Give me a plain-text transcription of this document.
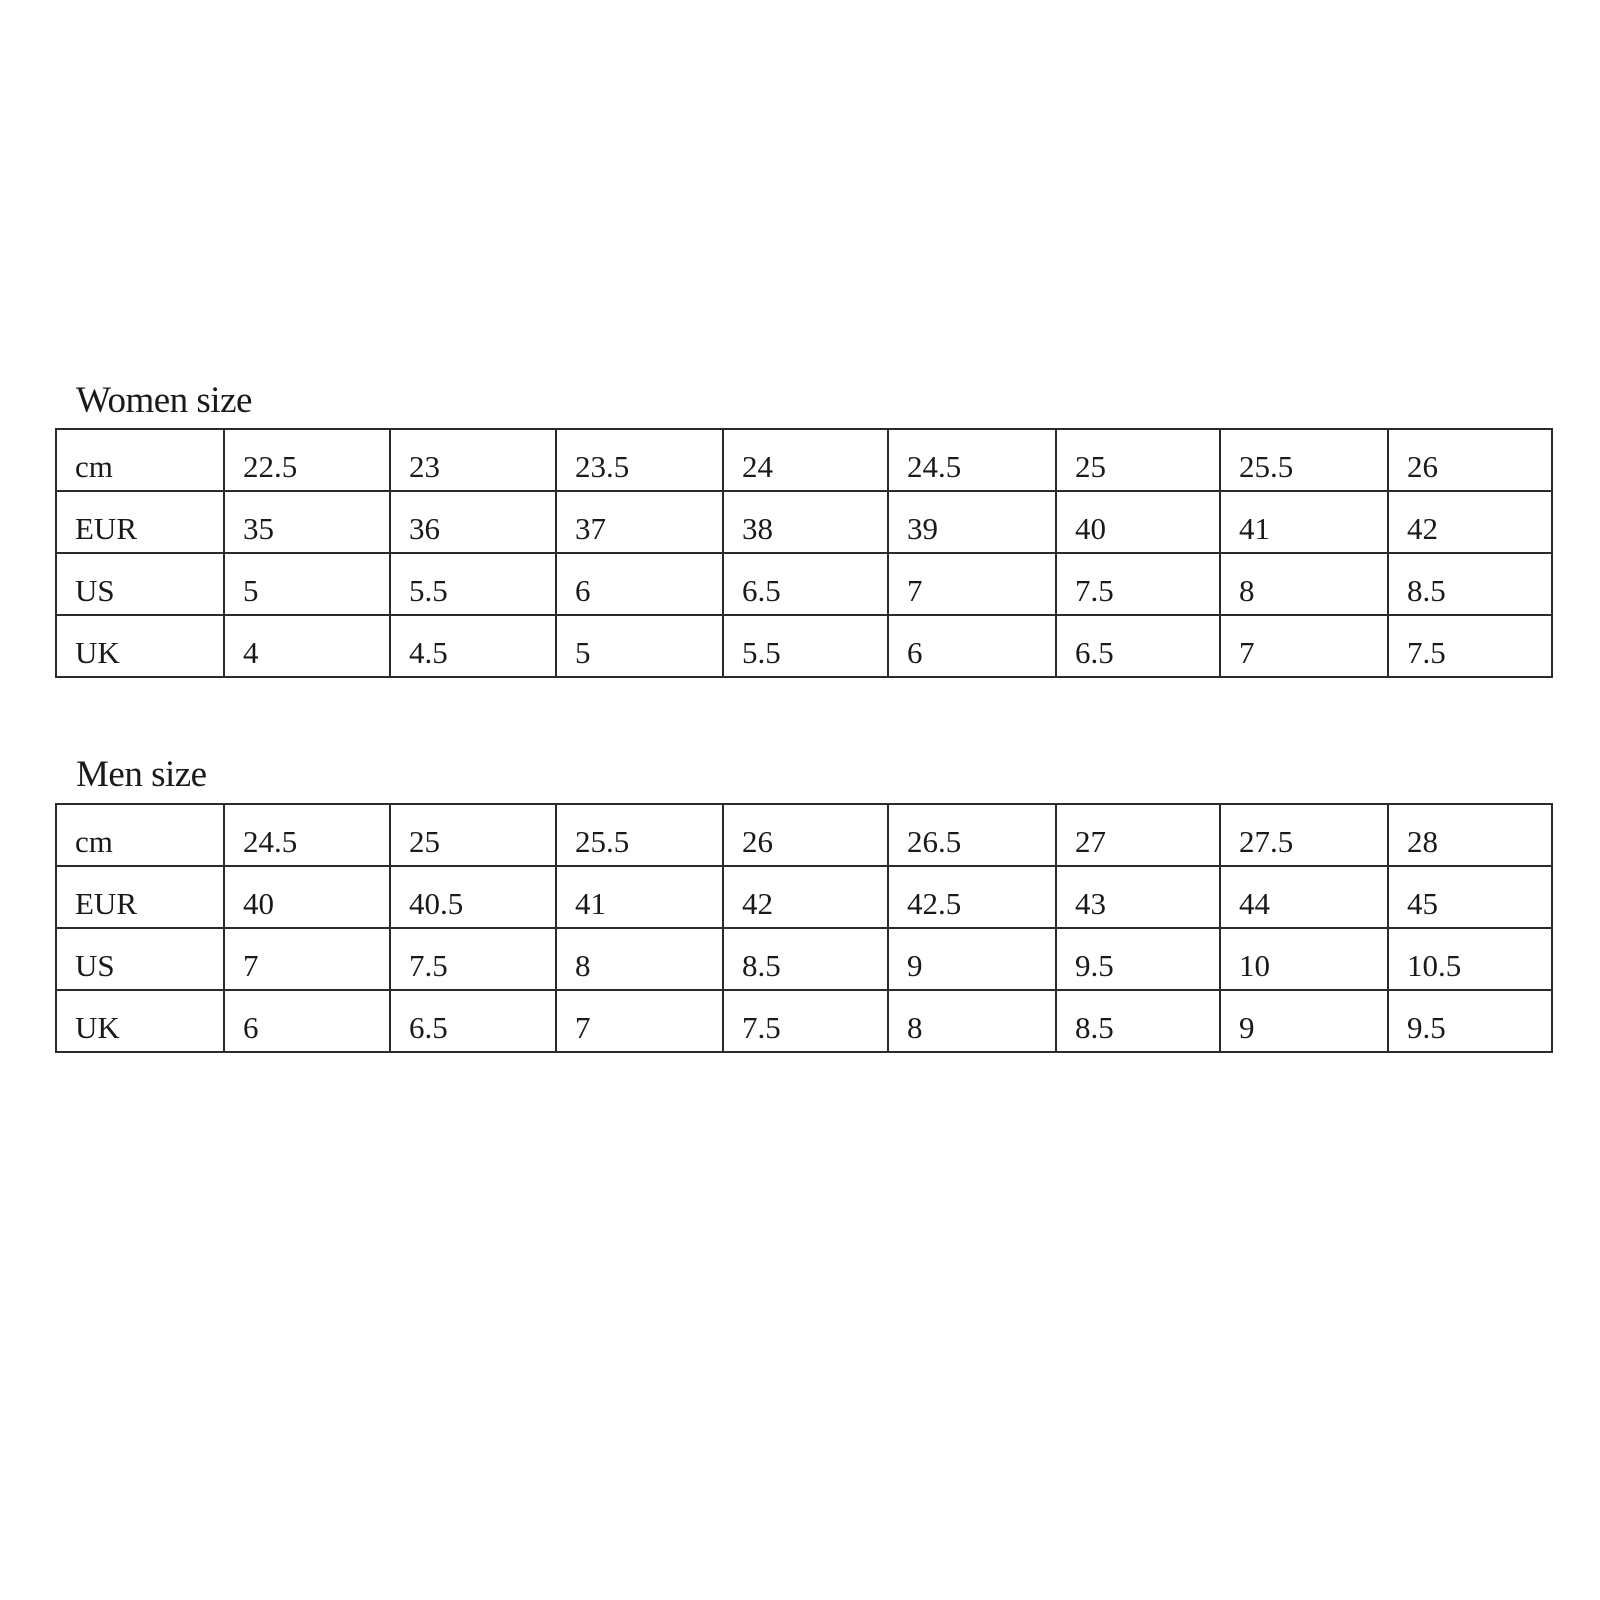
Women size
cm	22.5	23	23.5	24	24.5	25	25.5	26
EUR	35	36	37	38	39	40	41	42
US	5	5.5	6	6.5	7	7.5	8	8.5
UK	4	4.5	5	5.5	6	6.5	7	7.5
Men size
cm	24.5	25	25.5	26	26.5	27	27.5	28
EUR	40	40.5	41	42	42.5	43	44	45
US	7	7.5	8	8.5	9	9.5	10	10.5
UK	6	6.5	7	7.5	8	8.5	9	9.5
